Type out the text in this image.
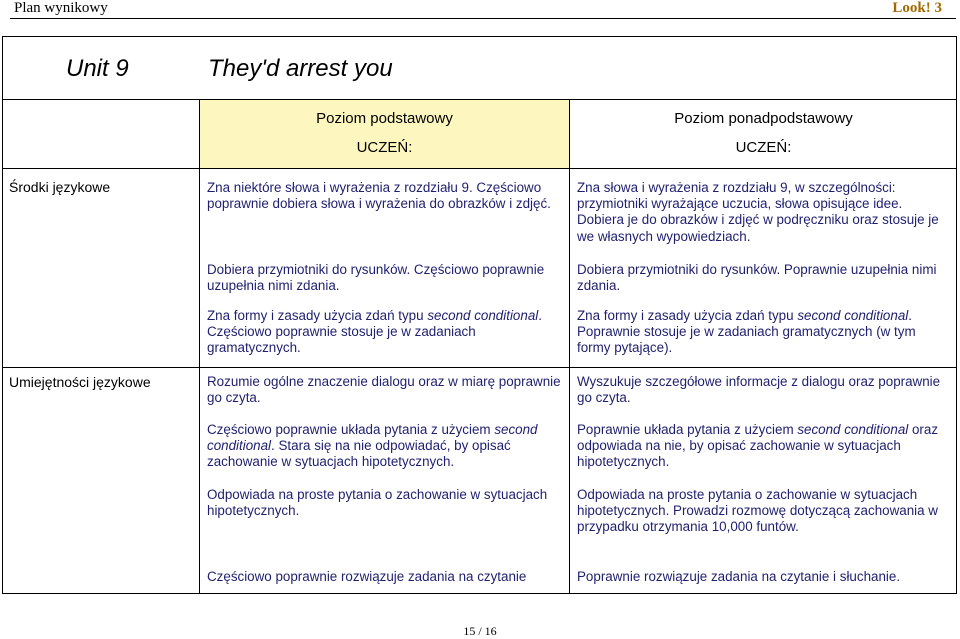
Plan wynikowy	Look! 3
Unit 9	They'd arrest you
Poziom podstawowy
UCZEŃ:
Poziom ponadpodstawowy
UCZEŃ:
Środki językowe
Umiejętności językowe
Zna niektóre słowa i wyrażenia z rozdziału 9. Częściowo poprawnie dobiera słowa i wyrażenia do obrazków i zdjęć.
Dobiera przymiotniki do rysunków. Częściowo poprawnie uzupełnia nimi zdania.
Zna formy i zasady użycia zdań typu second conditional. Częściowo poprawnie stosuje je w zadaniach gramatycznych.
Zna słowa i wyrażenia z rozdziału 9, w szczególności: przymiotniki wyrażające uczucia, słowa opisujące idee. Dobiera je do obrazków i zdjęć w podręczniku oraz stosuje je we własnych wypowiedziach.
Dobiera przymiotniki do rysunków. Poprawnie uzupełnia nimi zdania.
Zna formy i zasady użycia zdań typu second conditional. Poprawnie stosuje je w zadaniach gramatycznych (w tym formy pytające).
Rozumie ogólne znaczenie dialogu oraz w miarę poprawnie go czyta.
Częściowo poprawnie układa pytania z użyciem second conditional. Stara się na nie odpowiadać, by opisać zachowanie w sytuacjach hipotetycznych.
Odpowiada na proste pytania o zachowanie w sytuacjach hipotetycznych.
Częściowo poprawnie rozwiązuje zadania na czytanie
Wyszukuje szczegółowe informacje z dialogu oraz poprawnie go czyta.
Poprawnie układa pytania z użyciem second conditional oraz odpowiada na nie, by opisać zachowanie w sytuacjach hipotetycznych.
Odpowiada na proste pytania o zachowanie w sytuacjach hipotetycznych. Prowadzi rozmowę dotyczącą zachowania w przypadku otrzymania 10,000 funtów.
Poprawnie rozwiązuje zadania na czytanie i słuchanie.
15 / 16
